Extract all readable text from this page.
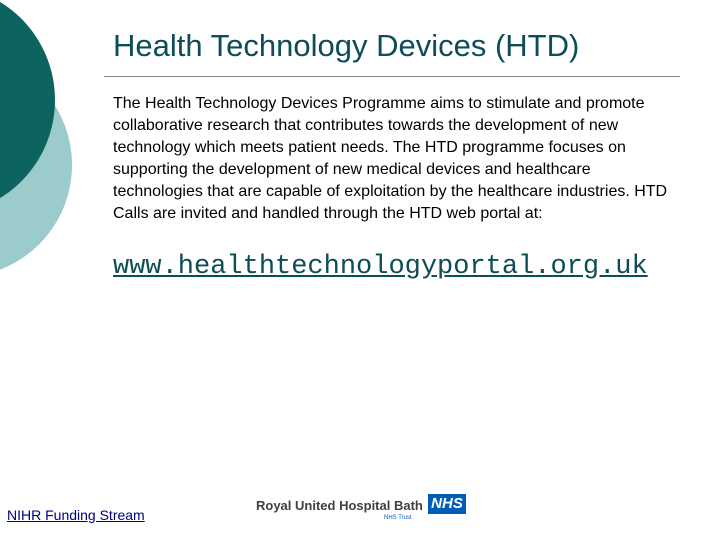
Health Technology Devices (HTD)
The Health Technology Devices Programme aims to stimulate and promote collaborative research that contributes towards the development of new technology which meets patient needs. The HTD programme focuses on supporting the development of new medical devices and healthcare technologies that are capable of exploitation by the healthcare industries. HTD Calls are invited and handled through the HTD web portal at:
www.healthtechnologyportal.org.uk
NIHR Funding Stream
Royal United Hospital Bath NHS
NHS Trust
